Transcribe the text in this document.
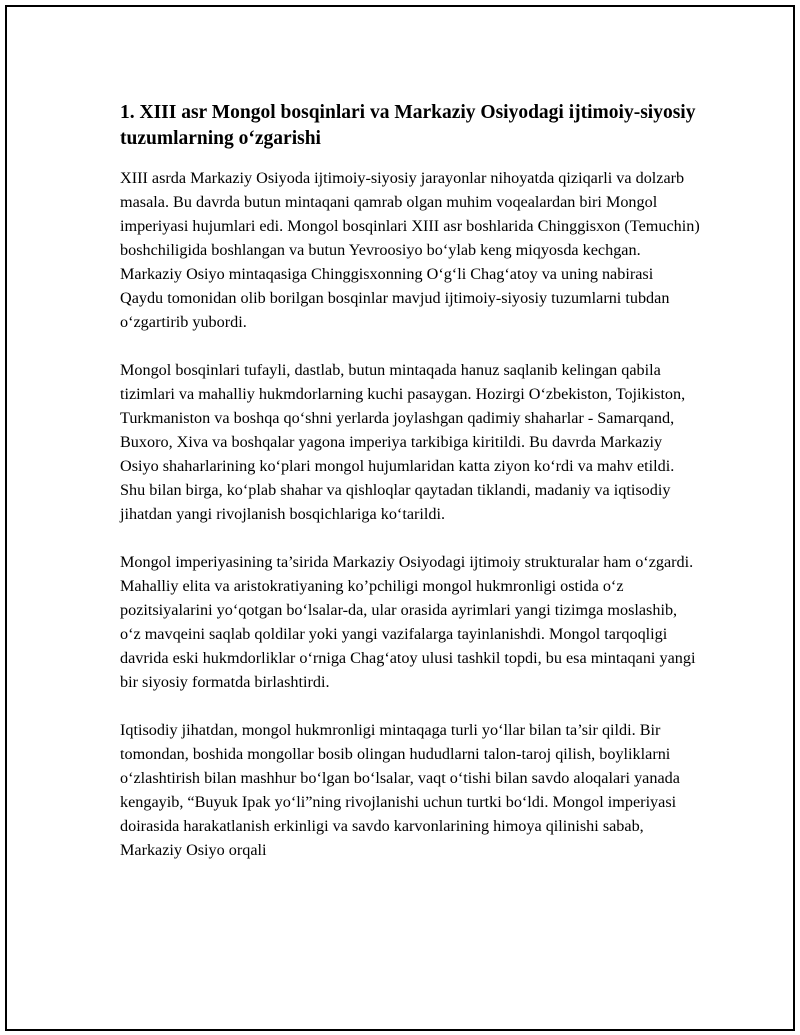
1. XIII asr Mongol bosqinlari va Markaziy Osiyodagi ijtimoiy-siyosiy tuzumlarning o‘zgarishi

XIII asrda Markaziy Osiyoda ijtimoiy-siyosiy jarayonlar nihoyatda qiziqarli va dolzarb masala. Bu davrda butun mintaqani qamrab olgan muhim voqealardan biri Mongol imperiyasi hujumlari edi. Mongol bosqinlari XIII asr boshlarida Chinggisxon (Temuchin) boshchiligida boshlangan va butun Yevroosiyo bo‘ylab keng miqyosda kechgan. Markaziy Osiyo mintaqasiga Chinggisxonning O‘g‘li Chag‘atoy va uning nabirasi Qaydu tomonidan olib borilgan bosqinlar mavjud ijtimoiy-siyosiy tuzumlarni tubdan o‘zgartirib yubordi.

Mongol bosqinlari tufayli, dastlab, butun mintaqada hanuz saqlanib kelingan qabila tizimlari va mahalliy hukmdorlarning kuchi pasaygan. Hozirgi O‘zbekiston, Tojikiston, Turkmaniston va boshqa qo‘shni yerlarda joylashgan qadimiy shaharlar - Samarqand, Buxoro, Xiva va boshqalar yagona imperiya tarkibiga kiritildi. Bu davrda Markaziy Osiyo shaharlarining ko‘plari mongol hujumlaridan katta ziyon ko‘rdi va mahv etildi. Shu bilan birga, ko‘plab shahar va qishloqlar qaytadan tiklandi, madaniy va iqtisodiy jihatdan yangi rivojlanish bosqichlariga ko‘tarildi.

Mongol imperiyasining ta’sirida Markaziy Osiyodagi ijtimoiy strukturalar ham o‘zgardi. Mahalliy elita va aristokratiyaning ko’pchiligi mongol hukmronligi ostida o‘z pozitsiyalarini yo‘qotgan bo‘lsalar-da, ular orasida ayrimlari yangi tizimga moslashib, o‘z mavqeini saqlab qoldilar yoki yangi vazifalarga tayinlanishdi. Mongol tarqoqligi davrida eski hukmdorliklar o‘rniga Chag‘atoy ulusi tashkil topdi, bu esa mintaqani yangi bir siyosiy formatda birlashtirdi.

Iqtisodiy jihatdan, mongol hukmronligi mintaqaga turli yo‘llar bilan ta’sir qildi. Bir tomondan, boshida mongollar bosib olingan hududlarni talon-taroj qilish, boyliklarni o‘zlashtirish bilan mashhur bo‘lgan bo‘lsalar, vaqt o‘tishi bilan savdo aloqalari yanada kengayib, “Buyuk Ipak yo‘li”ning rivojlanishi uchun turtki bo‘ldi. Mongol imperiyasi doirasida harakatlanish erkinligi va savdo karvonlarining himoya qilinishi sabab, Markaziy Osiyo orqali
